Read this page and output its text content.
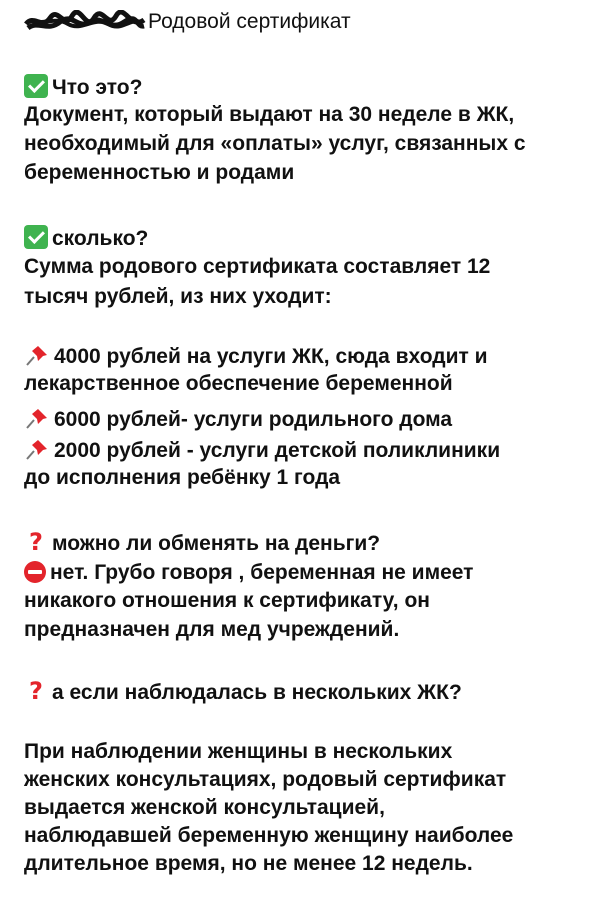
Родовой сертификат
Что это?
Документ, который выдают на 30 неделе в ЖК,
необходимый для «оплаты» услуг, связанных с
беременностью и родами
сколько?
Сумма родового сертификата составляет 12
тысяч рублей, из них уходит:
4000 рублей на услуги ЖК, сюда входит и
лекарственное обеспечение беременной
6000 рублей- услуги родильного дома
2000 рублей - услуги детской поликлиники
до исполнения ребёнку 1 года
? можно ли обменять на деньги?
нет. Грубо говоря , беременная не имеет
никакого отношения к сертификату, он
предназначен для мед учреждений.
? а если наблюдалась в нескольких ЖК?
При наблюдении женщины в нескольких
женских консультациях, родовый сертификат
выдается женской консультацией,
наблюдавшей беременную женщину наиболее
длительное время, но не менее 12 недель.
